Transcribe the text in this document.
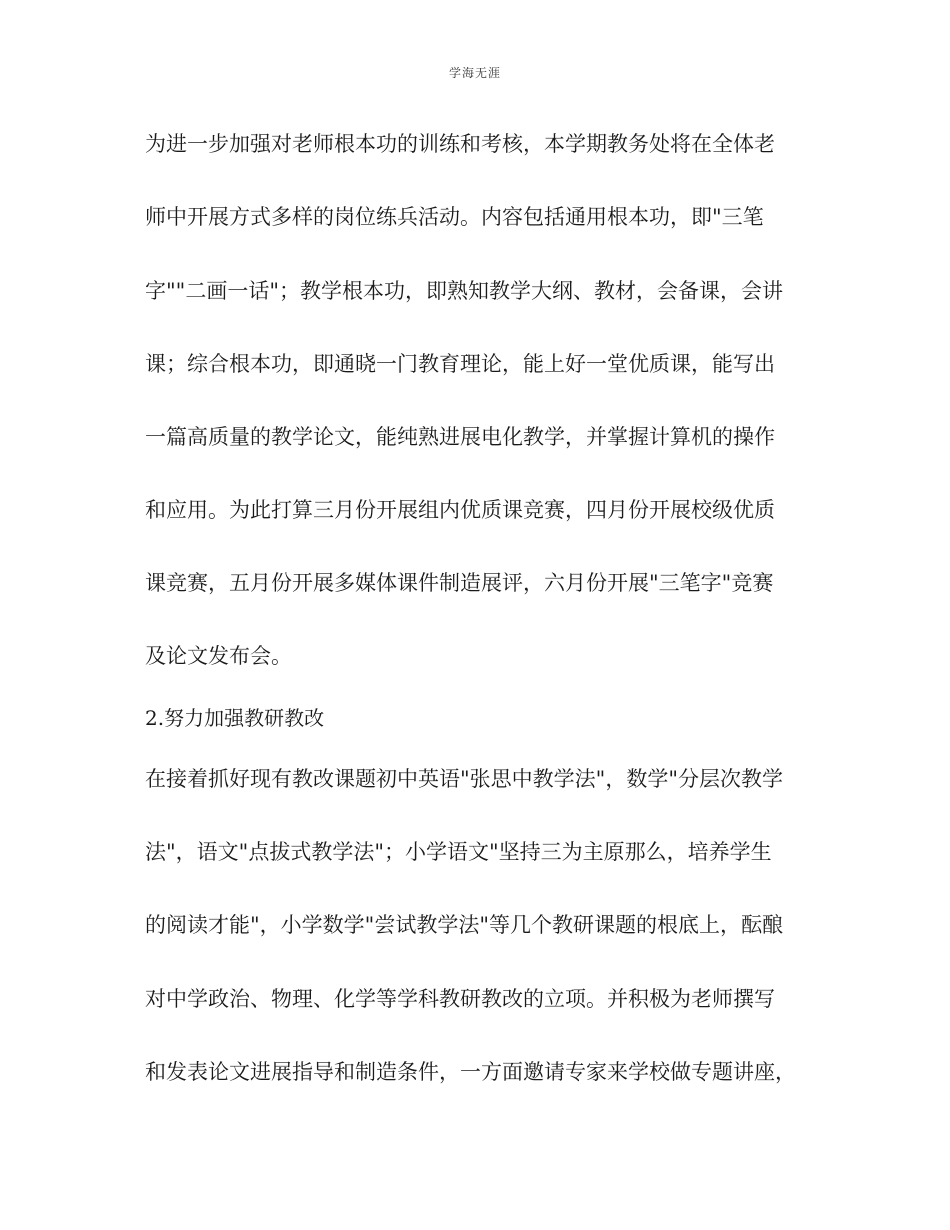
学海无涯
为进一步加强对老师根本功的训练和考核，本学期教务处将在全体老
师中开展方式多样的岗位练兵活动。内容包括通用根本功，即"三笔
字""二画一话"；教学根本功，即熟知教学大纲、教材，会备课，会讲
课；综合根本功，即通晓一门教育理论，能上好一堂优质课，能写出
一篇高质量的教学论文，能纯熟进展电化教学，并掌握计算机的操作
和应用。为此打算三月份开展组内优质课竞赛，四月份开展校级优质
课竞赛，五月份开展多媒体课件制造展评，六月份开展"三笔字"竞赛
及论文发布会。
2.努力加强教研教改
在接着抓好现有教改课题初中英语"张思中教学法"，数学"分层次教学
法"，语文"点拔式教学法"；小学语文"坚持三为主原那么，培养学生
的阅读才能"，小学数学"尝试教学法"等几个教研课题的根底上，酝酿
对中学政治、物理、化学等学科教研教改的立项。并积极为老师撰写
和发表论文进展指导和制造条件，一方面邀请专家来学校做专题讲座，
